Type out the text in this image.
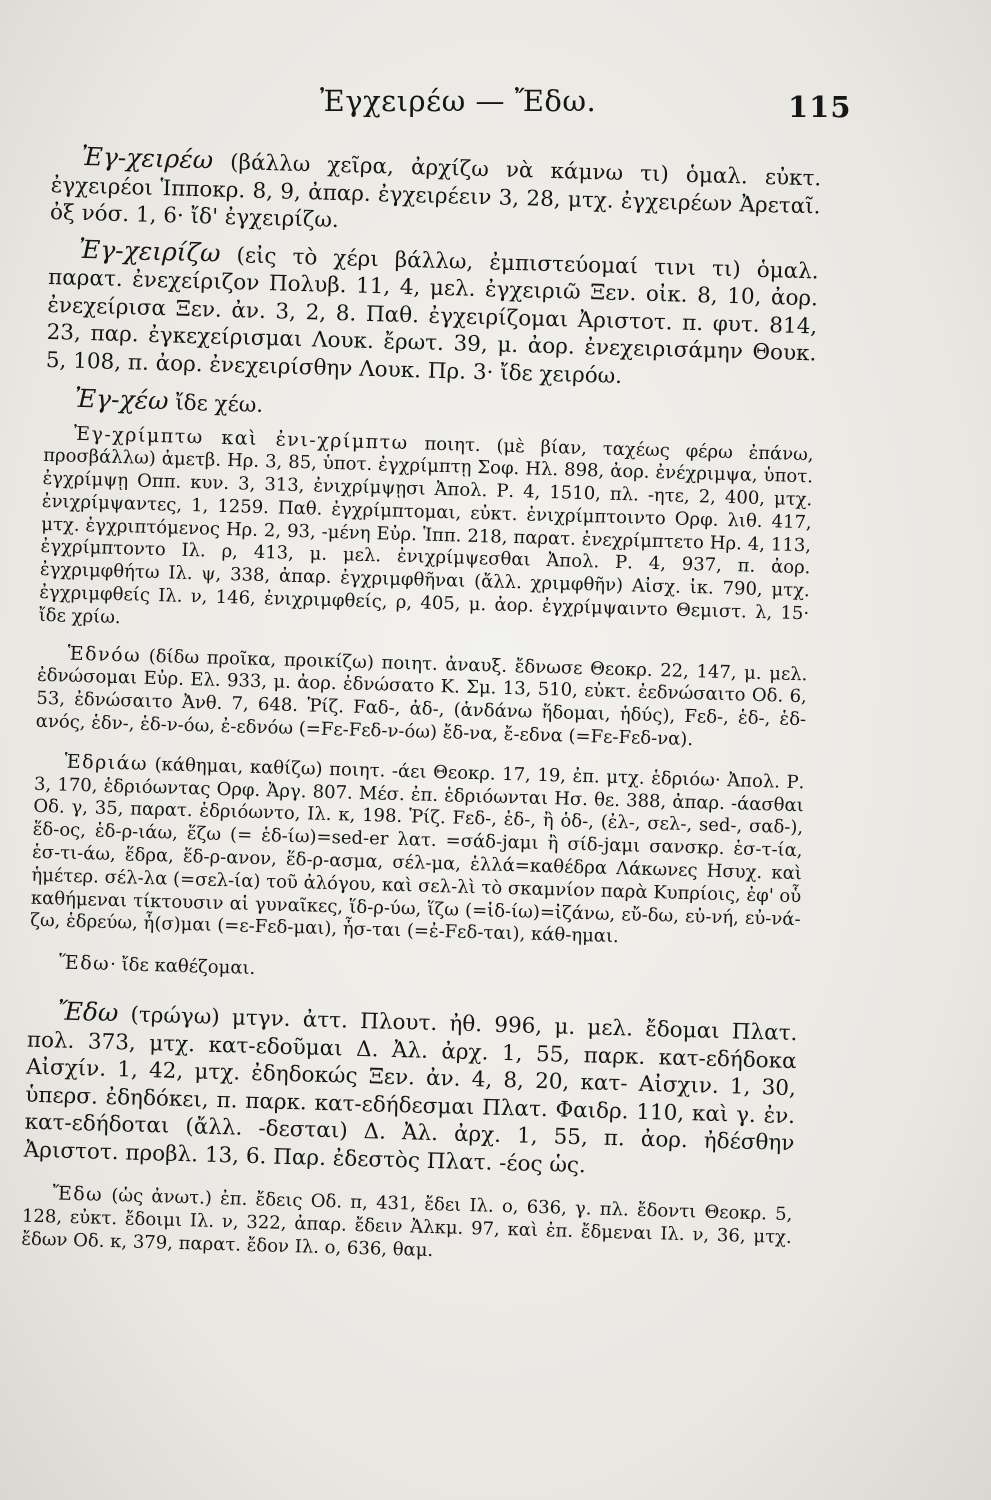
Ἐγχειρέω — Ἔδω.	115

Ἐγ-χειρέω (βάλλω χεῖρα, ἀρχίζω νὰ κάμνω τι) ὁμαλ. εὐκτ. ἐγχειρέοι Ἱπποκρ. 8, 9, ἀπαρ. ἐγχειρέειν 3, 28, μτχ. ἐγχειρέων Ἀρεταῖ. ὀξ νόσ. 1, 6· ἴδ' ἐγχειρίζω.

Ἐγ-χειρίζω (εἰς τὸ χέρι βάλλω, ἐμπιστεύομαί τινι τι) ὁμαλ. παρατ. ἐνεχείριζον Πολυβ. 11, 4, μελ. ἐγχειριῶ Ξεν. οἰκ. 8, 10, ἀορ. ἐνεχείρισα Ξεν. ἀν. 3, 2, 8. Παθ. ἐγχειρίζομαι Ἀριστοτ. π. φυτ. 814, 23, παρ. ἐγκεχείρισμαι Λουκ. ἔρωτ. 39, μ. ἀορ. ἐνεχειρισάμην Θουκ. 5, 108, π. ἀορ. ἐνεχειρίσθην Λουκ. Πρ. 3· ἴδε χειρόω.

Ἐγ-χέω ἴδε χέω.

Ἐγ-χρίμπτω καὶ ἐνι-χρίμπτω ποιητ. (μὲ βίαν, ταχέως φέρω ἐπάνω, προσβάλλω) ἀμετβ. Ηρ. 3, 85, ὑποτ. ἐγχρίμπτῃ Σοφ. Ηλ. 898, ἀορ. ἐνέχριμψα, ὑποτ. ἐγχρίμψῃ Οππ. κυν. 3, 313, ἐνιχρίμψῃσι Ἀπολ. Ρ. 4, 1510, πλ. -ητε, 2, 400, μτχ. ἐνιχρίμψαντες, 1, 1259. Παθ. ἐγχρίμπτομαι, εὐκτ. ἐνιχρίμπτοιντο Ορφ. λιθ. 417, μτχ. ἐγχριπτόμενος Ηρ. 2, 93, -μένη Εὐρ. Ἱππ. 218, παρατ. ἐνεχρίμπτετο Ηρ. 4, 113, ἐγχρίμπτοντο Ιλ. ρ, 413, μ. μελ. ἐνιχρίμψεσθαι Ἀπολ. Ρ. 4, 937, π. ἀορ. ἐγχριμφθήτω Ιλ. ψ, 338, ἀπαρ. ἐγχριμφθῆναι (ἄλλ. χριμφθῆν) Αἰσχ. ἱκ. 790, μτχ. ἐγχριμφθείς Ιλ. ν, 146, ἐνιχριμφθείς, ρ, 405, μ. ἀορ. ἐγχρίμψαιντο Θεμιστ. λ, 15· ἴδε χρίω.

Ἑδνόω (δίδω προῖκα, προικίζω) ποιητ. ἀναυξ. ἔδνωσε Θεοκρ. 22, 147, μ. μελ. ἐδνώσομαι Εὐρ. Ελ. 933, μ. ἀορ. ἐδνώσατο Κ. Σμ. 13, 510, εὐκτ. ἐεδνώσαιτο Οδ. 6, 53, ἐδνώσαιτο Ἀνθ. 7, 648. Ῥίζ. Fαδ-, ἀδ-, (ἁνδάνω ἥδομαι, ἡδύς), Fεδ-, ἑδ-, ἑδ-ανός, ἑδν-, ἑδ-ν-όω, ἐ-εδνόω (=Fε-Fεδ-ν-όω) ἔδ-να, ἔ-εδνα (=Fε-Fεδ-να).

Ἑδριάω (κάθημαι, καθίζω) ποιητ. -άει Θεοκρ. 17, 19, ἐπ. μτχ. ἑδριόω· Ἀπολ. Ρ. 3, 170, ἑδριόωντας Ορφ. Ἀργ. 807. Μέσ. ἐπ. ἑδριόωνται Ησ. θε. 388, ἀπαρ. -άασθαι Οδ. γ, 35, παρατ. ἑδριόωντο, Ιλ. κ, 198. Ῥίζ. Fεδ-, ἑδ-, ἢ ὁδ-, (ἐλ-, σελ-, sed-, σαδ-), ἕδ-ος, ἑδ-ρ-ιάω, ἕζω (= ἑδ-ίω)=sed-er λατ. =σάδ-jαμι ἢ σίδ-jαμι σανσκρ. ἑσ-τ-ία, ἑσ-τι-άω, ἕδρα, ἕδ-ρ-ανον, ἕδ-ρ-ασμα, σέλ-μα, ἑλλά=καθέδρα Λάκωνες Ησυχ. καὶ ἡμέτερ. σέλ-λα (=σελ-ία) τοῦ ἀλόγου, καὶ σελ-λὶ τὸ σκαμνίον παρὰ Κυπρίοις, ἐφ' οὗ καθήμεναι τίκτουσιν αἱ γυναῖκες, ἵδ-ρ-ύω, ἵζω (=ἱδ-ίω)=ἰζάνω, εὔ-δω, εὐ-νή, εὐ-νά-ζω, ἑδρεύω, ἧ(σ)μαι (=ε-Fεδ-μαι), ἧσ-ται (=ἐ-Fεδ-ται), κάθ-ημαι.

Ἕδω· ἴδε καθέζομαι.

Ἔδω (τρώγω) μτγν. ἀττ. Πλουτ. ἠθ. 996, μ. μελ. ἔδομαι Πλατ. πολ. 373, μτχ. κατ-εδοῦμαι Δ. Ἀλ. ἀρχ. 1, 55, παρκ. κατ-εδήδοκα Αἰσχίν. 1, 42, μτχ. ἐδηδοκώς Ξεν. ἀν. 4, 8, 20, κατ- Αἰσχιν. 1, 30, ὑπερσ. ἐδηδόκει, π. παρκ. κατ-εδήδεσμαι Πλατ. Φαιδρ. 110, καὶ γ. ἐν. κατ-εδήδοται (ἄλλ. -δεσται) Δ. Ἀλ. ἀρχ. 1, 55, π. ἀορ. ἠδέσθην Ἀριστοτ. προβλ. 13, 6. Παρ. ἐδεστὸς Πλατ. -έος ὡς.

Ἔδω (ὡς ἀνωτ.) ἐπ. ἔδεις Οδ. π, 431, ἔδει Ιλ. ο, 636, γ. πλ. ἔδοντι Θεοκρ. 5, 128, εὐκτ. ἔδοιμι Ιλ. ν, 322, ἀπαρ. ἔδειν Ἀλκμ. 97, καὶ ἐπ. ἔδμεναι Ιλ. ν, 36, μτχ. ἔδων Οδ. κ, 379, παρατ. ἔδον Ιλ. ο, 636, θαμ.
